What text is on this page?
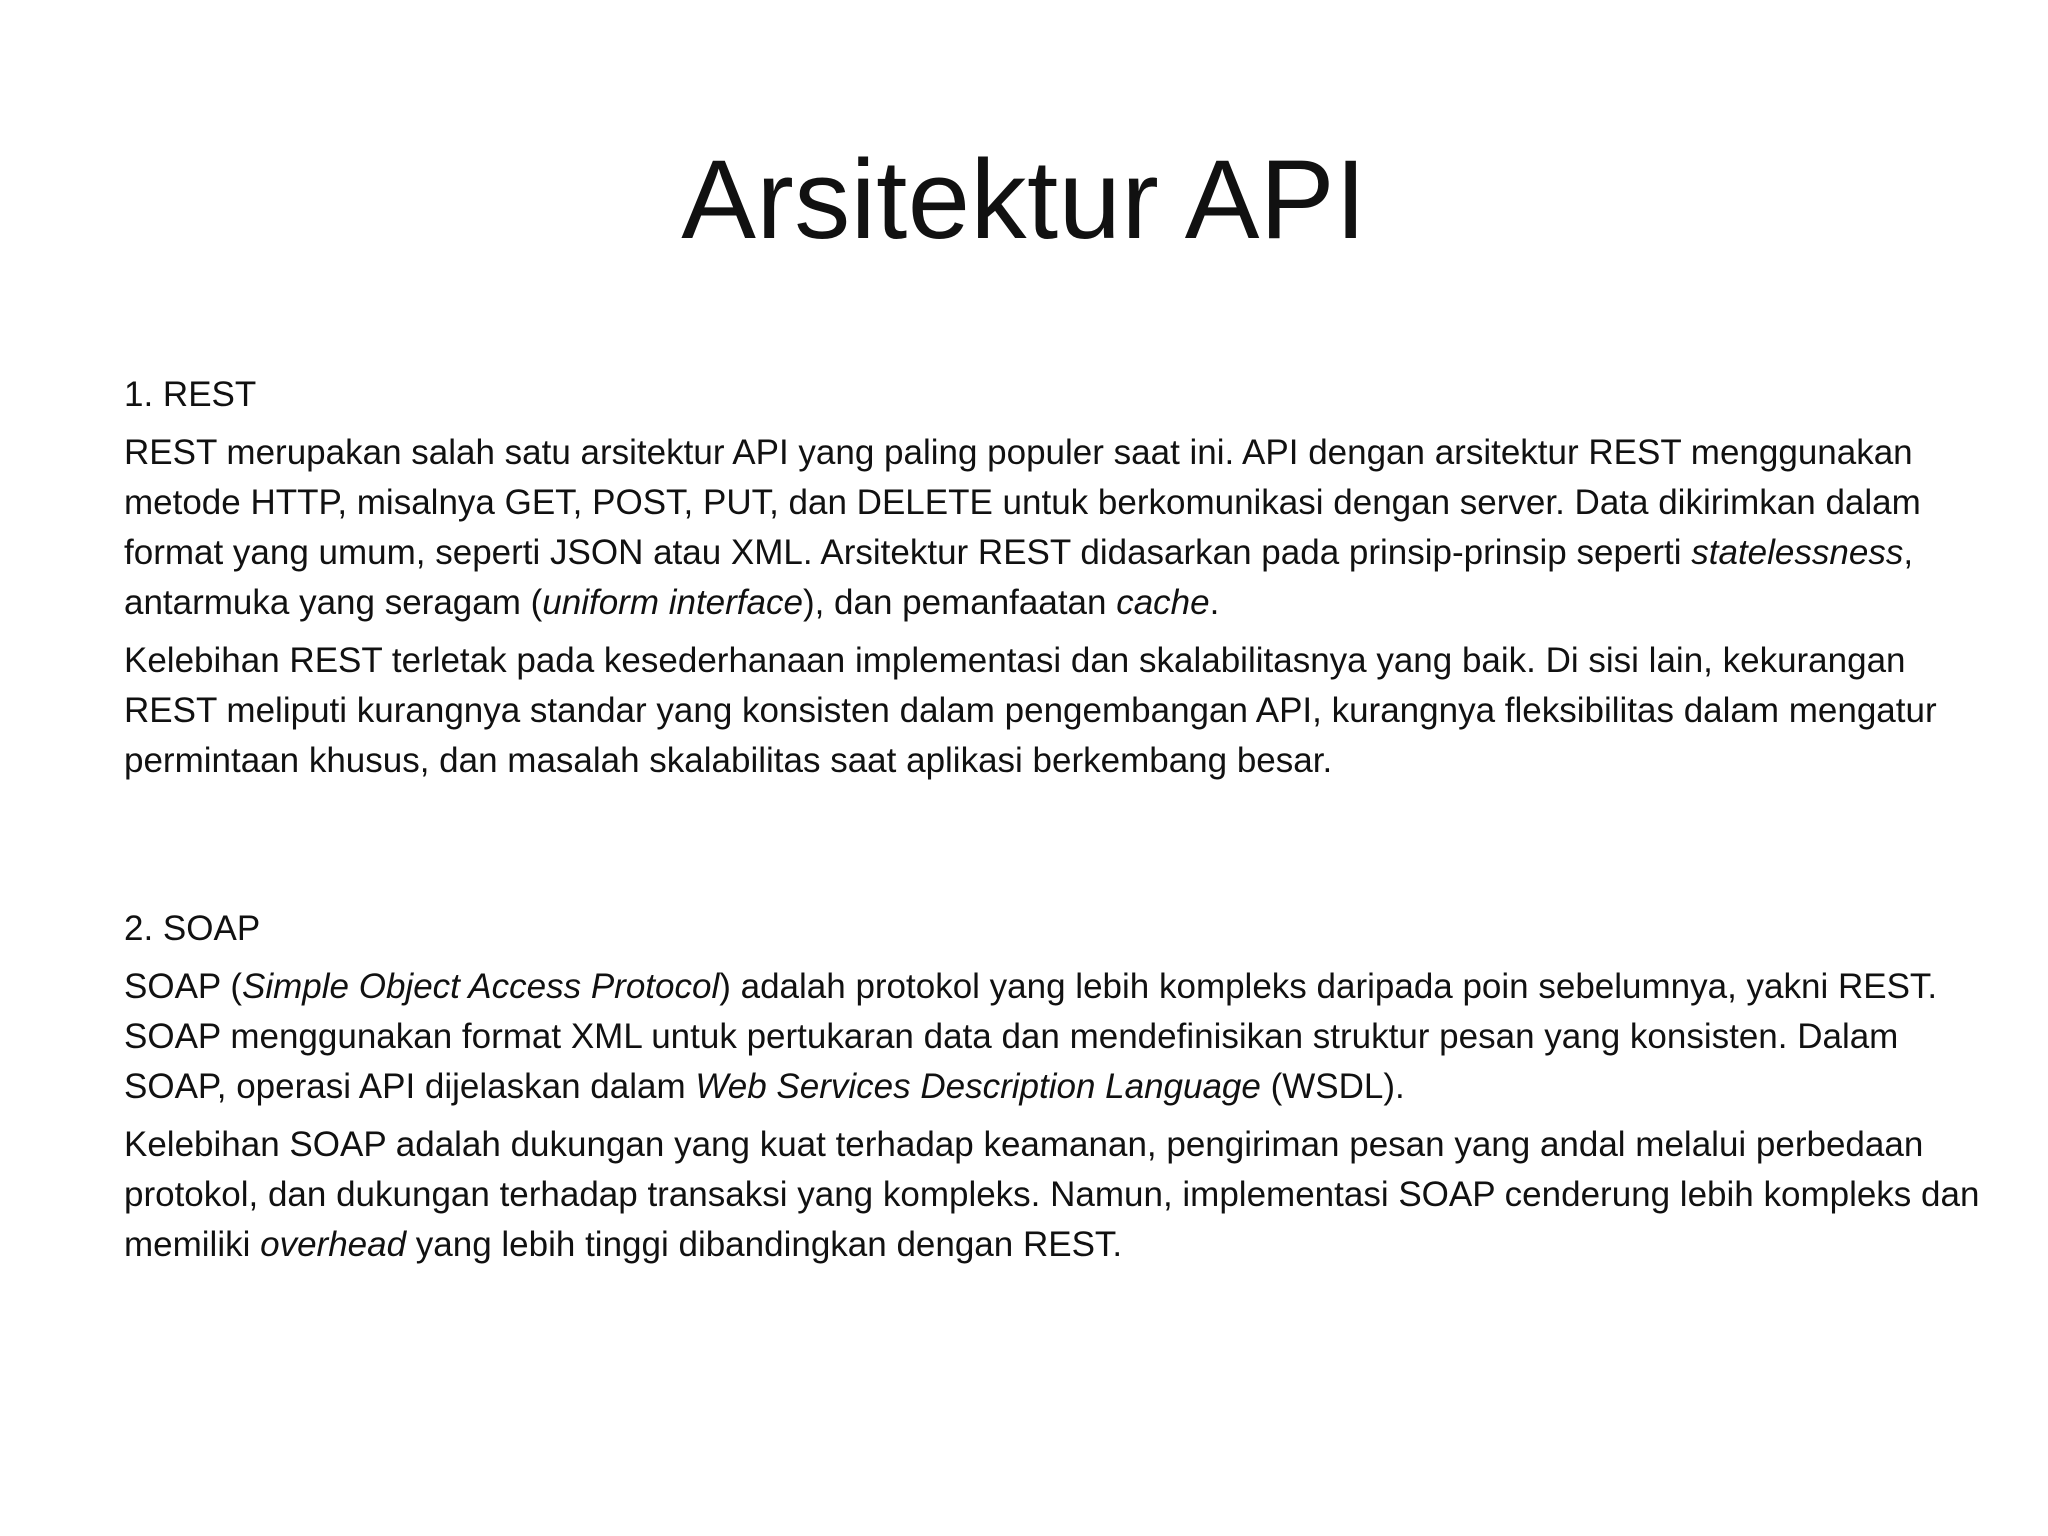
Arsitektur API

1. REST

REST merupakan salah satu arsitektur API yang paling populer saat ini. API dengan arsitektur REST menggunakan metode HTTP, misalnya GET, POST, PUT, dan DELETE untuk berkomunikasi dengan server. Data dikirimkan dalam format yang umum, seperti JSON atau XML. Arsitektur REST didasarkan pada prinsip-prinsip seperti statelessness, antarmuka yang seragam (uniform interface), dan pemanfaatan cache.

Kelebihan REST terletak pada kesederhanaan implementasi dan skalabilitasnya yang baik. Di sisi lain, kekurangan REST meliputi kurangnya standar yang konsisten dalam pengembangan API, kurangnya fleksibilitas dalam mengatur permintaan khusus, dan masalah skalabilitas saat aplikasi berkembang besar.

2. SOAP

SOAP (Simple Object Access Protocol) adalah protokol yang lebih kompleks daripada poin sebelumnya, yakni REST. SOAP menggunakan format XML untuk pertukaran data dan mendefinisikan struktur pesan yang konsisten. Dalam SOAP, operasi API dijelaskan dalam Web Services Description Language (WSDL).

Kelebihan SOAP adalah dukungan yang kuat terhadap keamanan, pengiriman pesan yang andal melalui perbedaan protokol, dan dukungan terhadap transaksi yang kompleks. Namun, implementasi SOAP cenderung lebih kompleks dan memiliki overhead yang lebih tinggi dibandingkan dengan REST.
